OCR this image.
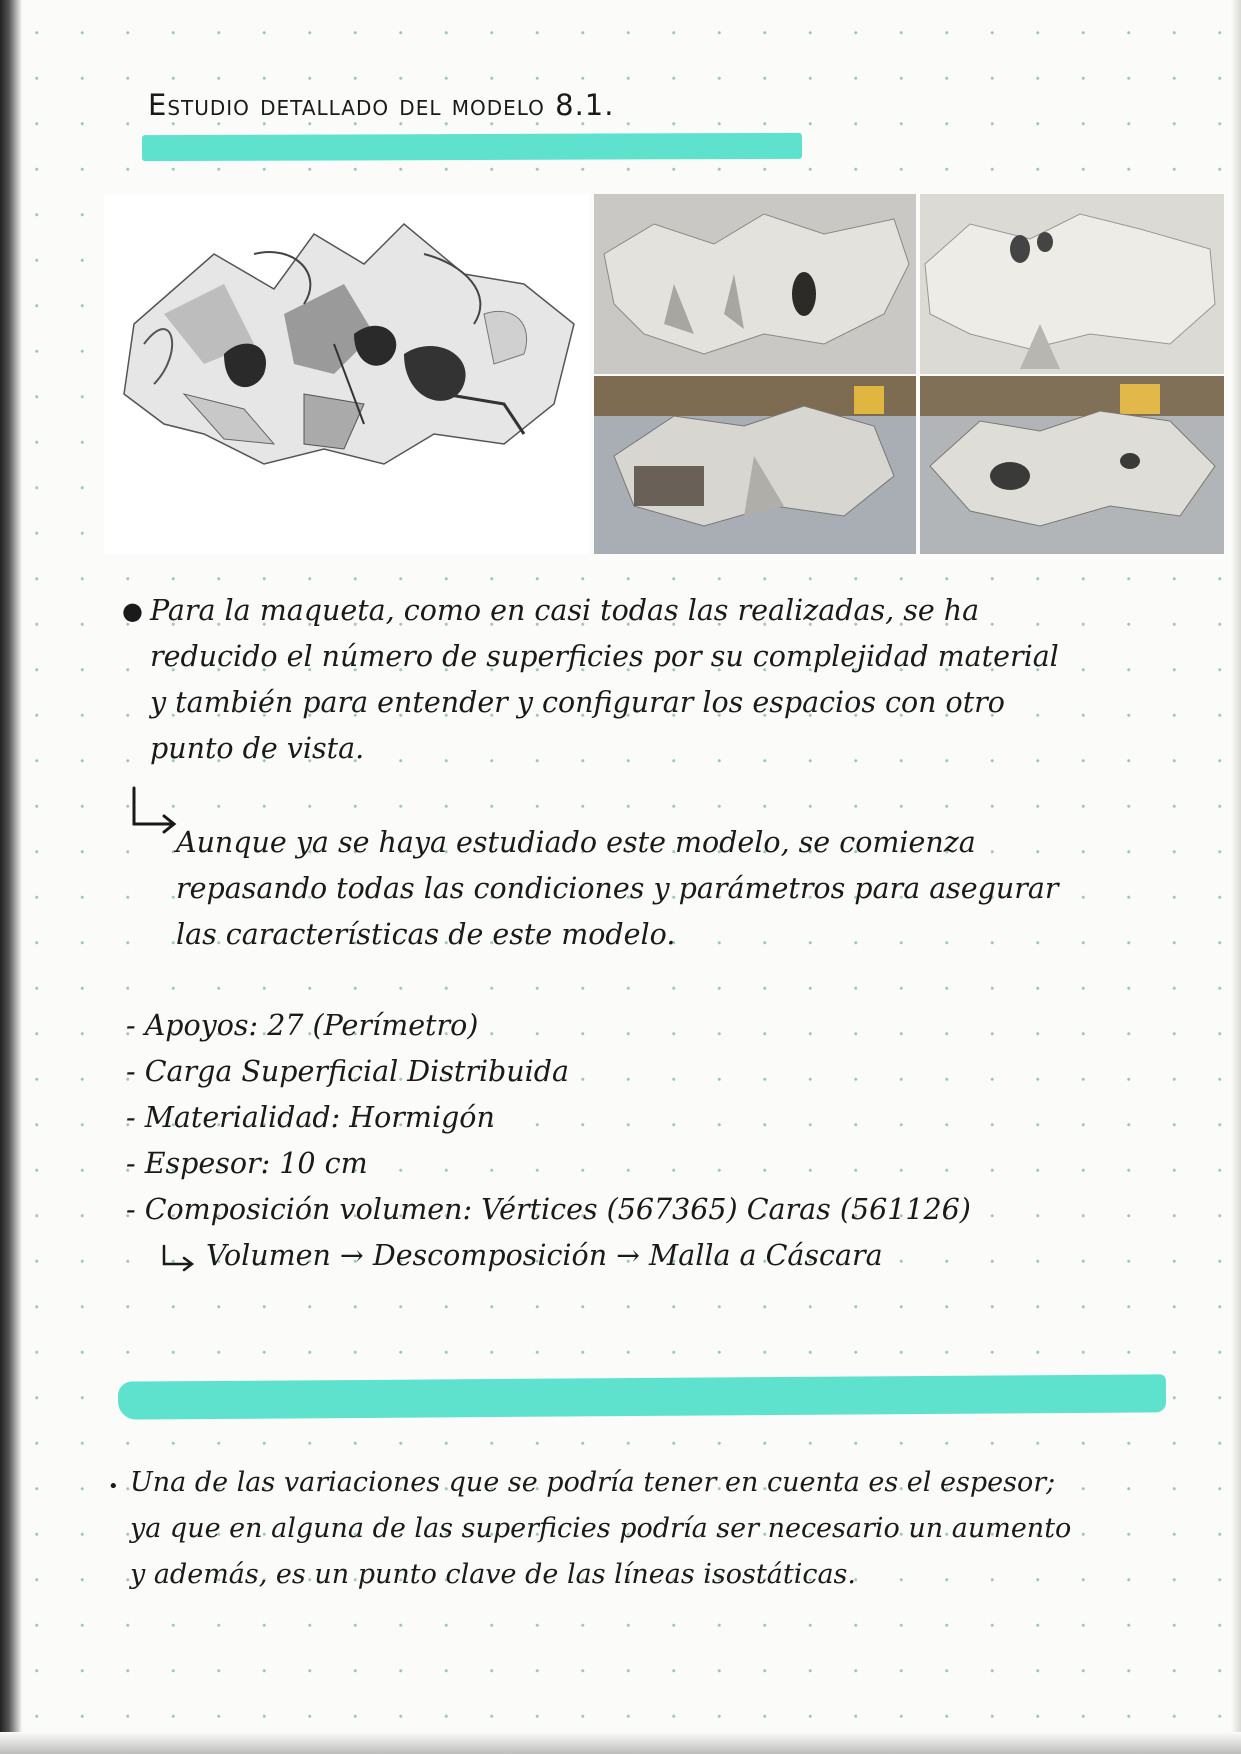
Estudio detallado del modelo 8.1.
● Para la maqueta, como en casi todas las realizadas, se ha
reducido el número de superficies por su complejidad material
y también para entender y configurar los espacios con otro
punto de vista.
Aunque ya se haya estudiado este modelo, se comienza
repasando todas las condiciones y parámetros para asegurar
las características de este modelo.
- Apoyos: 27 (Perímetro)
- Carga Superficial Distribuida
- Materialidad: Hormigón
- Espesor: 10 cm
- Composición volumen: Vértices (567365) Caras (561126)
Volumen → Descomposición → Malla a Cáscara
• Una de las variaciones que se podría tener en cuenta es el espesor;
ya que en alguna de las superficies podría ser necesario un aumento
y además, es un punto clave de las líneas isostáticas.
